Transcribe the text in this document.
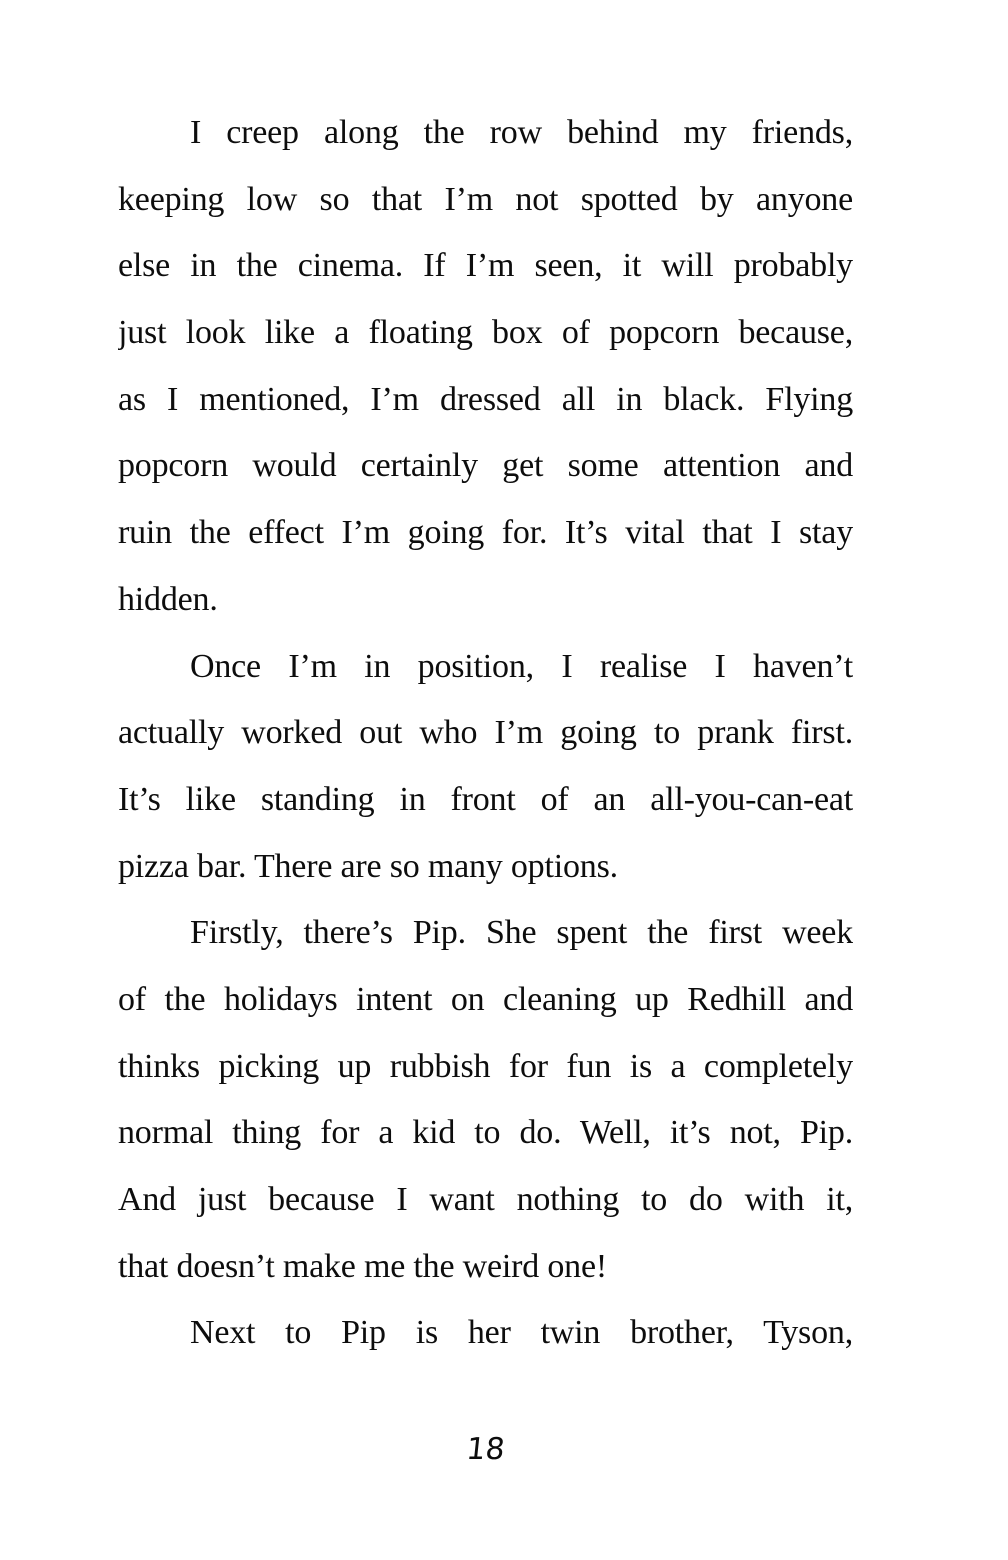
I creep along the row behind my friends,
keeping low so that I’m not spotted by anyone
else in the cinema. If I’m seen, it will probably
just look like a floating box of popcorn because,
as I mentioned, I’m dressed all in black. Flying
popcorn would certainly get some attention and
ruin the effect I’m going for. It’s vital that I stay
hidden.
Once I’m in position, I realise I haven’t
actually worked out who I’m going to prank first.
It’s like standing in front of an all-you-can-eat
pizza bar. There are so many options.
Firstly, there’s Pip. She spent the first week
of the holidays intent on cleaning up Redhill and
thinks picking up rubbish for fun is a completely
normal thing for a kid to do. Well, it’s not, Pip.
And just because I want nothing to do with it,
that doesn’t make me the weird one!
Next to Pip is her twin brother, Tyson,
18
